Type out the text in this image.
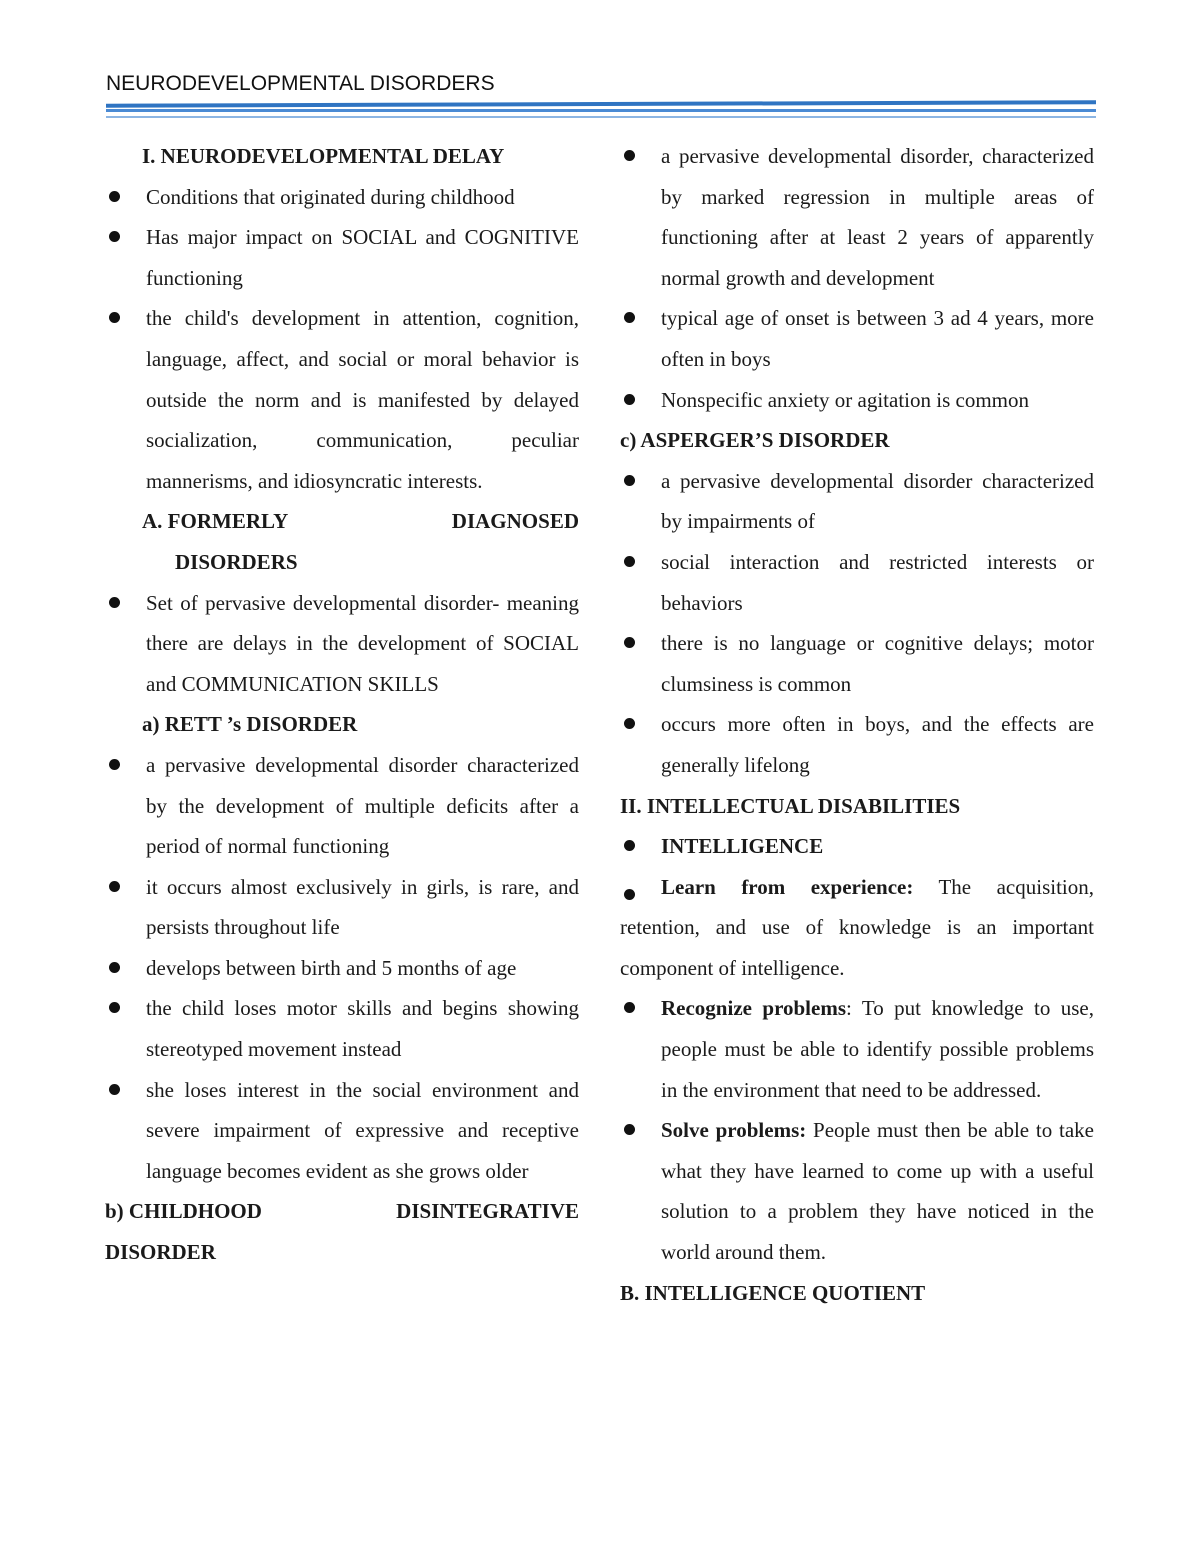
NEURODEVELOPMENTAL DISORDERS

I. NEURODEVELOPMENTAL DELAY

Conditions that originated during childhood

Has major impact on SOCIAL and COGNITIVE functioning

the child's development in attention, cognition, language, affect, and social or moral behavior is outside the norm and is manifested by delayed socialization, communication, peculiar mannerisms, and idiosyncratic interests.

A. FORMERLY	DIAGNOSED

DISORDERS

Set of pervasive developmental disorder- meaning there are delays in the development of SOCIAL and COMMUNICATION SKILLS

a) RETT ’s DISORDER

a pervasive developmental disorder characterized by the development of multiple deficits after a period of normal functioning

it occurs almost exclusively in girls, is rare, and persists throughout life

develops between birth and 5 months of age

the child loses motor skills and begins showing stereotyped movement instead

she loses interest in the social environment and severe impairment of expressive and receptive language becomes evident as she grows older

b) CHILDHOOD	DISINTEGRATIVE

DISORDER

a pervasive developmental disorder, characterized by marked regression in multiple areas of functioning after at least 2 years of apparently normal growth and development

typical age of onset is between 3 ad 4 years, more often in boys

Nonspecific anxiety or agitation is common

c) ASPERGER’S DISORDER

a pervasive developmental disorder characterized by impairments of

social interaction and restricted interests or behaviors

there is no language or cognitive delays; motor clumsiness is common

occurs more often in boys, and the effects are generally lifelong

II. INTELLECTUAL DISABILITIES

INTELLIGENCE

Learn from experience: The acquisition, retention, and use of knowledge is an important component of intelligence.

Recognize problems: To put knowledge to use, people must be able to identify possible problems in the environment that need to be addressed.

Solve problems: People must then be able to take what they have learned to come up with a useful solution to a problem they have noticed in the world around them.

B. INTELLIGENCE QUOTIENT
